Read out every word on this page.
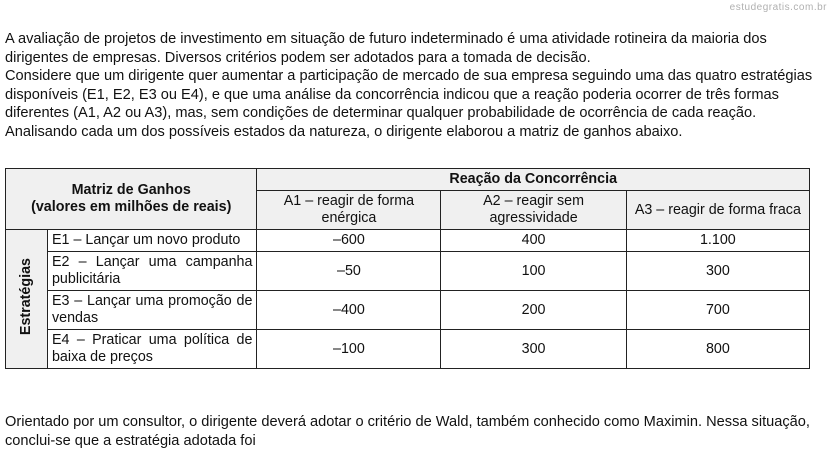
estudegratis.com.br

A avaliação de projetos de investimento em situação de futuro indeterminado é uma atividade rotineira da maioria dos dirigentes de empresas. Diversos critérios podem ser adotados para a tomada de decisão.

Considere que um dirigente quer aumentar a participação de mercado de sua empresa seguindo uma das quatro estratégias disponíveis (E1, E2, E3 ou E4), e que uma análise da concorrência indicou que a reação poderia ocorrer de três formas diferentes (A1, A2 ou A3), mas, sem condições de determinar qualquer probabilidade de ocorrência de cada reação. Analisando cada um dos possíveis estados da natureza, o dirigente elaborou a matriz de ganhos abaixo.

Matriz de Ganhos
(valores em milhões de reais)		Reação da Concorrência		
		A1 – reagir de forma enérgica	A2 – reagir sem agressividade	A3 – reagir de forma fraca
Estratégias	E1 – Lançar um novo produto	–600	400	1.100
	E2 – Lançar uma campanha publicitária	–50	100	300
	E3 – Lançar uma promoção de vendas	–400	200	700
	E4 – Praticar uma política de baixa de preços	–100	300	800

Orientado por um consultor, o dirigente deverá adotar o critério de Wald, também conhecido como Maximin. Nessa situação, conclui-se que a estratégia adotada foi
